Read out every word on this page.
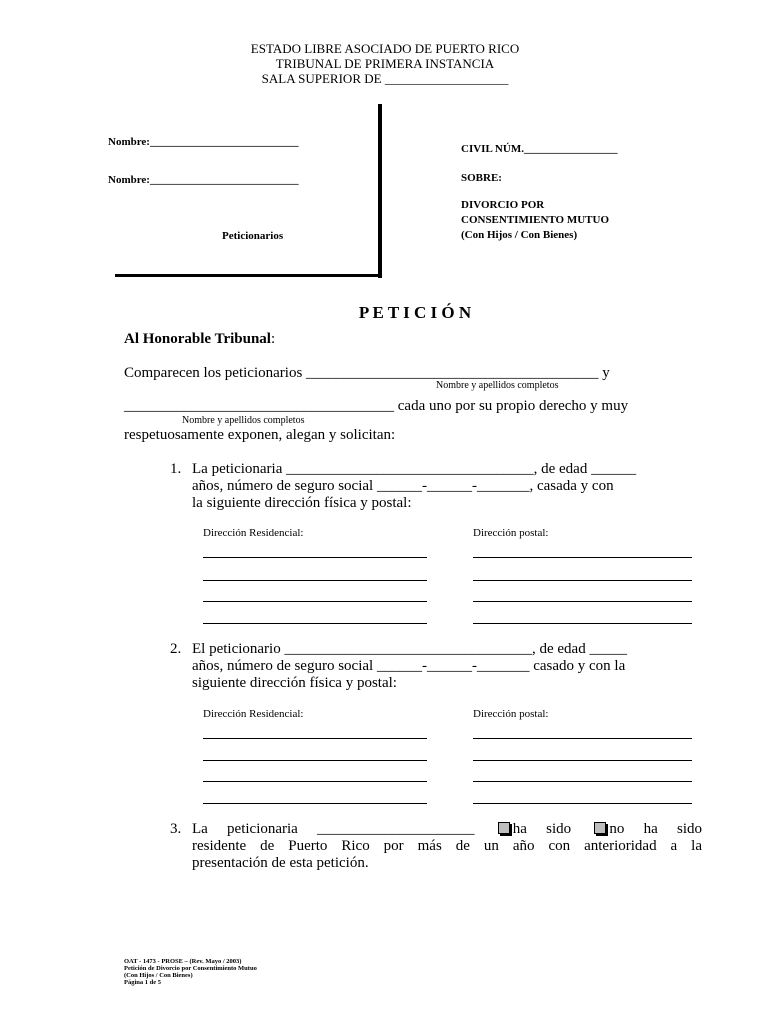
ESTADO LIBRE ASOCIADO DE PUERTO RICO
TRIBUNAL DE PRIMERA INSTANCIA
SALA SUPERIOR DE ___________________
Nombre:___________________________
Nombre:___________________________
Peticionarios
CIVIL NÚM._________________
SOBRE:
DIVORCIO POR
CONSENTIMIENTO MUTUO
(Con Hijos / Con Bienes)
P E T I C I Ó N
Al Honorable Tribunal:
Comparecen los peticionarios _______________________________________ y
Nombre y apellidos completos
____________________________________ cada uno por su propio derecho y muy
Nombre y apellidos completos
respetuosamente exponen, alegan y solicitan:
1. La peticionaria _________________________________, de edad ______
años, número de seguro social ______-______-_______, casada y con
la siguiente dirección física y postal:
Dirección Residencial:	Dirección postal:
2. El peticionario _________________________________, de edad _____
años, número de seguro social ______-______-_______ casado y con la
siguiente dirección física y postal:
Dirección Residencial:	Dirección postal:
3. La peticionaria _____________________	ha sido	no ha sido
residente de Puerto Rico por más de un año con anterioridad a la
presentación de esta petición.
OAT - 1473 - PROSE – (Rev. Mayo / 2003)
Petición de Divorcio por Consentimiento Mutuo
(Con Hijos / Con Bienes)
Página 1 de 5
